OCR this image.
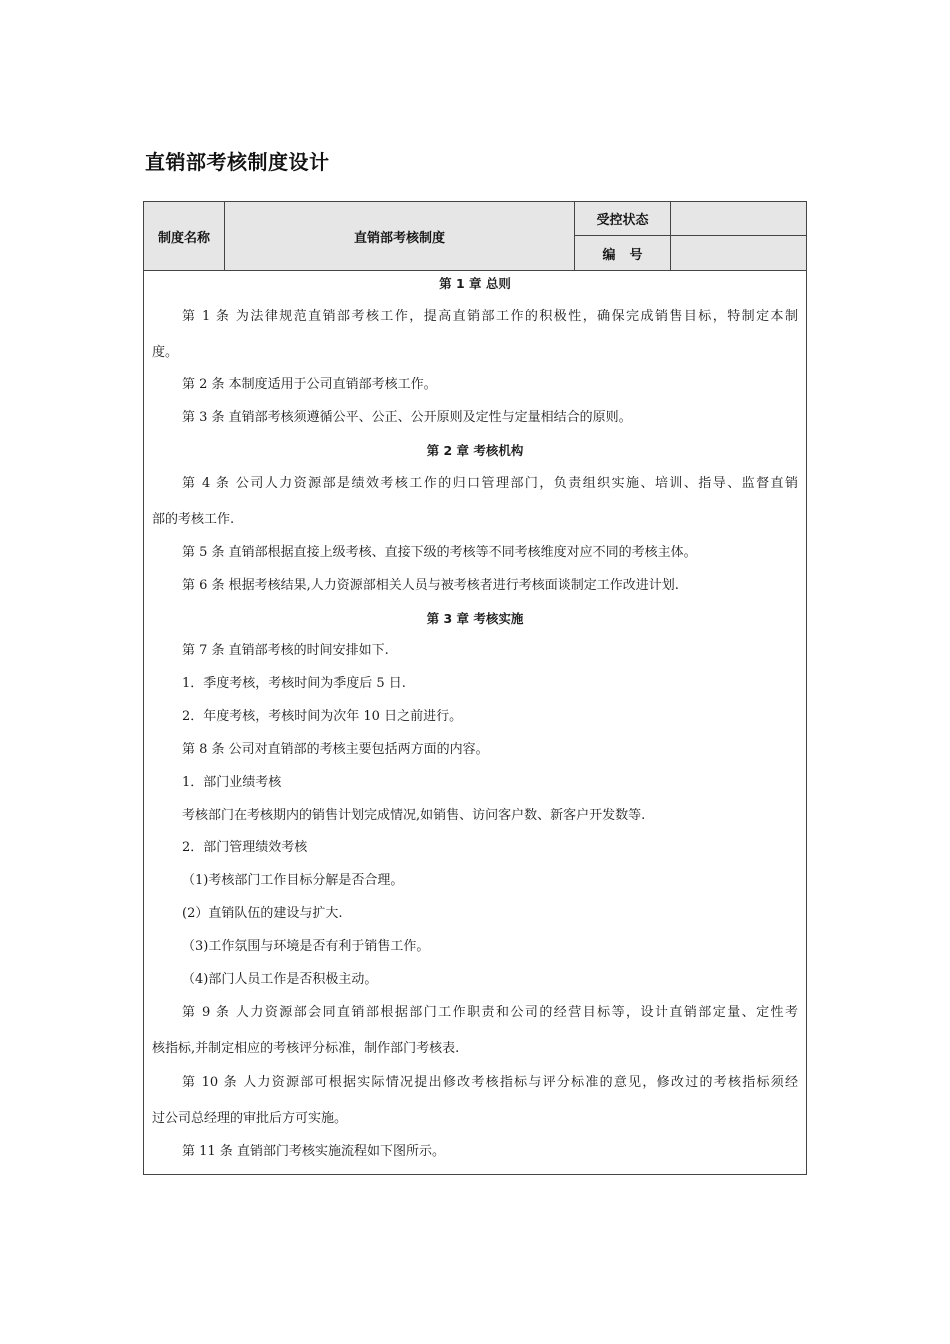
直销部考核制度设计
制度名称	直销部考核制度
受控状态
编号
第 1 章 总则
第 1 条 为法律规范直销部考核工作，提高直销部工作的积极性，确保完成销售目标，特制定本制
度。
第 2 条 本制度适用于公司直销部考核工作。
第 3 条 直销部考核须遵循公平、公正、公开原则及定性与定量相结合的原则。
第 2 章 考核机构
第 4 条 公司人力资源部是绩效考核工作的归口管理部门，负责组织实施、培训、指导、监督直销
部的考核工作.
第 5 条 直销部根据直接上级考核、直接下级的考核等不同考核维度对应不同的考核主体。
第 6 条 根据考核结果,人力资源部相关人员与被考核者进行考核面谈制定工作改进计划.
第 3 章 考核实施
第 7 条 直销部考核的时间安排如下.
1．季度考核，考核时间为季度后 5 日.
2．年度考核，考核时间为次年 10 日之前进行。
第 8 条 公司对直销部的考核主要包括两方面的内容。
1．部门业绩考核
考核部门在考核期内的销售计划完成情况,如销售、访问客户数、新客户开发数等.
2．部门管理绩效考核
（1)考核部门工作目标分解是否合理。
(2）直销队伍的建设与扩大.
（3)工作氛围与环境是否有利于销售工作。
（4)部门人员工作是否积极主动。
第 9 条 人力资源部会同直销部根据部门工作职责和公司的经营目标等，设计直销部定量、定性考
核指标,并制定相应的考核评分标准，制作部门考核表.
第 10 条 人力资源部可根据实际情况提出修改考核指标与评分标准的意见，修改过的考核指标须经
过公司总经理的审批后方可实施。
第 11 条 直销部门考核实施流程如下图所示。
